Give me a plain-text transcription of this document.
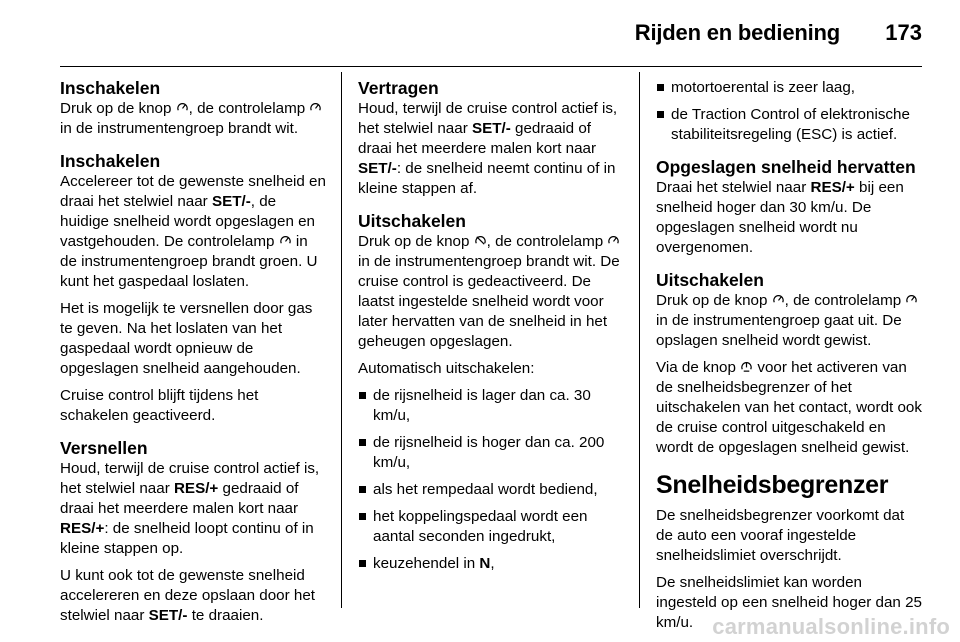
Rijden en bediening	173
Inschakelen

Druk op de knop , de controlelamp  in de instrumentengroep brandt wit.

Inschakelen

Accelereer tot de gewenste snelheid en draai het stelwiel naar SET/-, de huidige snelheid wordt opgeslagen en vastgehouden. De controlelamp  in de instrumentengroep brandt groen. U kunt het gaspedaal loslaten.

Het is mogelijk te versnellen door gas te geven. Na het loslaten van het gaspedaal wordt opnieuw de opgeslagen snelheid aangehouden.

Cruise control blijft tijdens het schakelen geactiveerd.

Versnellen

Houd, terwijl de cruise control actief is, het stelwiel naar RES/+ gedraaid of draai het meerdere malen kort naar RES/+: de snelheid loopt continu of in kleine stappen op.

U kunt ook tot de gewenste snelheid accelereren en deze opslaan door het stelwiel naar SET/- te draaien.

Vertragen

Houd, terwijl de cruise control actief is, het stelwiel naar SET/- gedraaid of draai het meerdere malen kort naar SET/-: de snelheid neemt continu of in kleine stappen af.

Uitschakelen

Druk op de knop , de controlelamp  in de instrumentengroep brandt wit. De cruise control is gedeactiveerd. De laatst ingestelde snelheid wordt voor later hervatten van de snelheid in het geheugen opgeslagen.

Automatisch uitschakelen:

de rijsnelheid is lager dan ca. 30 km/u,
de rijsnelheid is hoger dan ca. 200 km/u,
als het rempedaal wordt bediend,
het koppelingspedaal wordt een aantal seconden ingedrukt,
keuzehendel in N,
motortoerental is zeer laag,
de Traction Control of elektronische stabiliteitsregeling (ESC) is actief.
Opgeslagen snelheid hervatten

Draai het stelwiel naar RES/+ bij een snelheid hoger dan 30 km/u. De opgeslagen snelheid wordt nu overgenomen.

Uitschakelen

Druk op de knop , de controlelamp  in de instrumentengroep gaat uit. De opslagen snelheid wordt gewist.

Via de knop  voor het activeren van de snelheidsbegrenzer of het uitschakelen van het contact, wordt ook de cruise control uitgeschakeld en wordt de opgeslagen snelheid gewist.

Snelheidsbegrenzer

De snelheidsbegrenzer voorkomt dat de auto een vooraf ingestelde snelheidslimiet overschrijdt.

De snelheidslimiet kan worden ingesteld op een snelheid hoger dan 25 km/u. carmanualsonline.info
